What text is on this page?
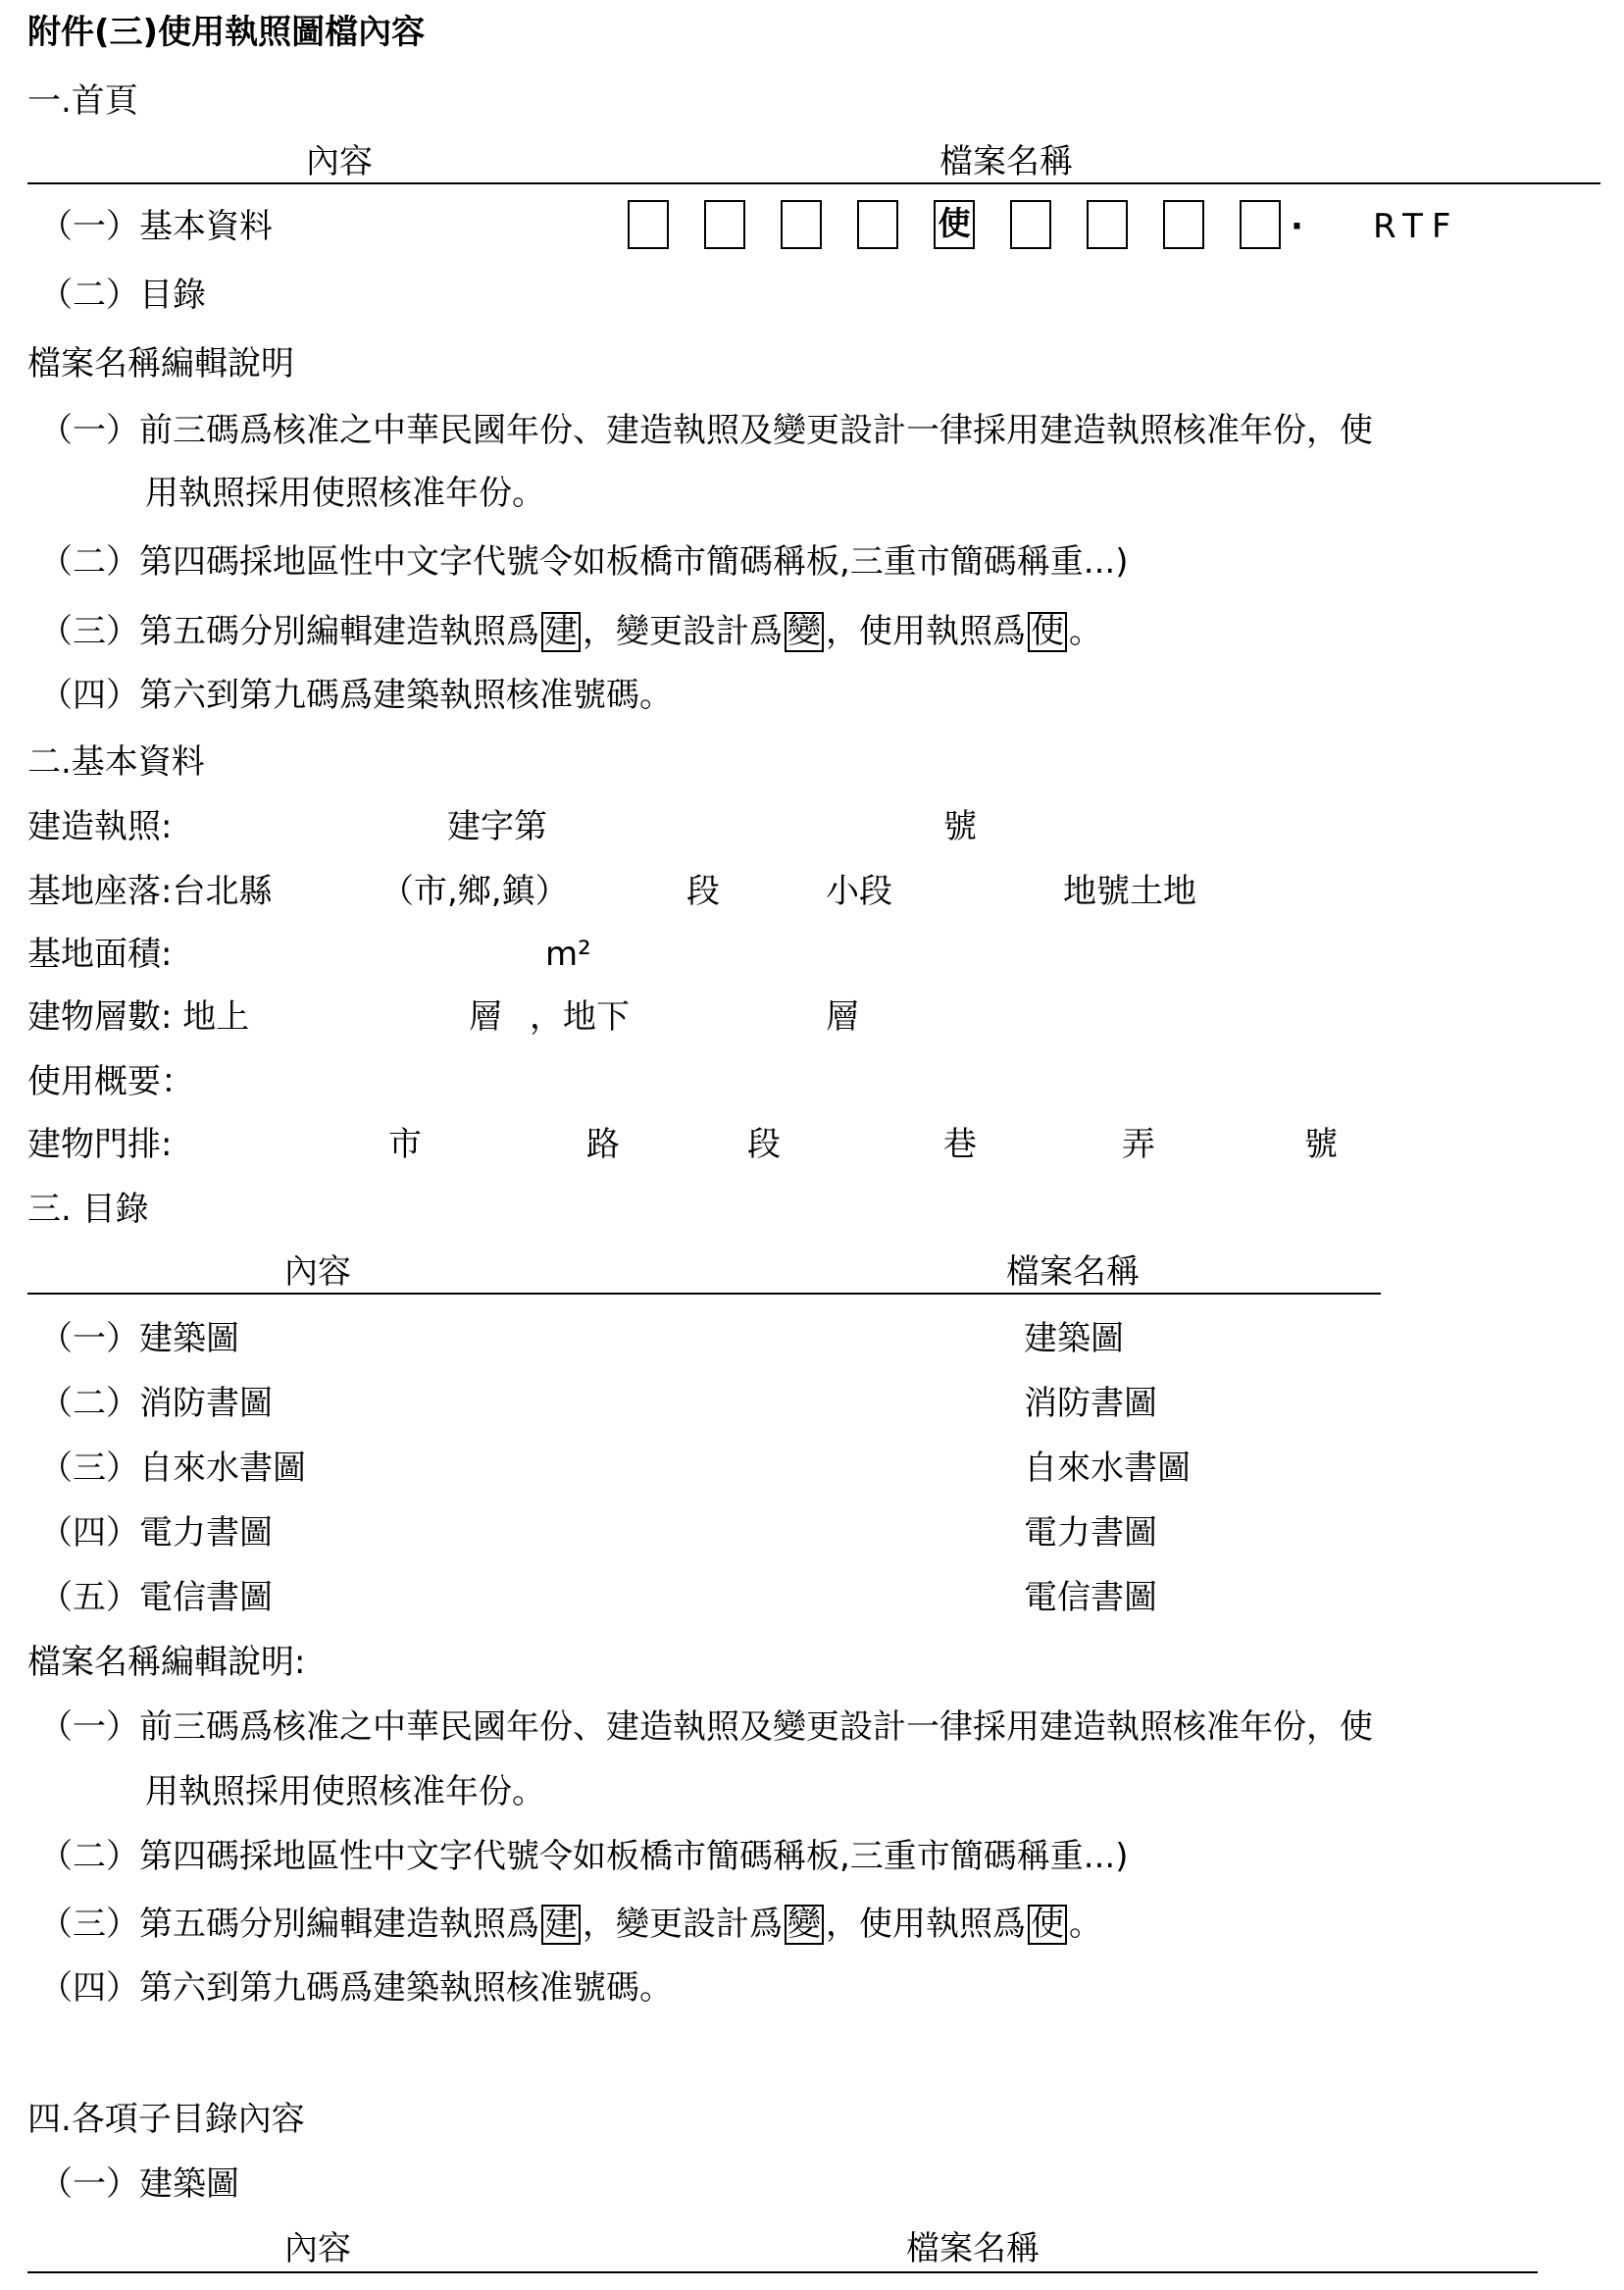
附件(三)使用執照圖檔內容
一.首頁
內容	檔案名稱
（一）基本資料	使	· RTF
（二）目錄
檔案名稱編輯說明
（一）前三碼爲核准之中華民國年份、建造執照及變更設計一律採用建造執照核准年份，使
用執照採用使照核准年份。
（二）第四碼採地區性中文字代號令如板橋市簡碼稱板,三重市簡碼稱重...)
（三）第五碼分別編輯建造執照爲 建 ，變更設計爲 變 ，使用執照爲 使 。
（四）第六到第九碼爲建築執照核准號碼。
二.基本資料
建造執照:	建字第	號
基地座落:台北縣	（市,鄉,鎮）	段	小段	地號土地
基地面積:	m²
建物層數: 地上	層 ，地下	層
使用概要：
建物門排:	市	路	段	巷	弄	號
三. 目錄
內容	檔案名稱
（一）建築圖	建築圖
（二）消防書圖	消防書圖
（三）自來水書圖	自來水書圖
（四）電力書圖	電力書圖
（五）電信書圖	電信書圖
檔案名稱編輯說明:
（一）前三碼爲核准之中華民國年份、建造執照及變更設計一律採用建造執照核准年份，使
用執照採用使照核准年份。
（二）第四碼採地區性中文字代號令如板橋市簡碼稱板,三重市簡碼稱重...)
（三）第五碼分別編輯建造執照爲 建 ，變更設計爲 變 ，使用執照爲 使 。
（四）第六到第九碼爲建築執照核准號碼。
四.各項子目錄內容
（一）建築圖
內容	檔案名稱
